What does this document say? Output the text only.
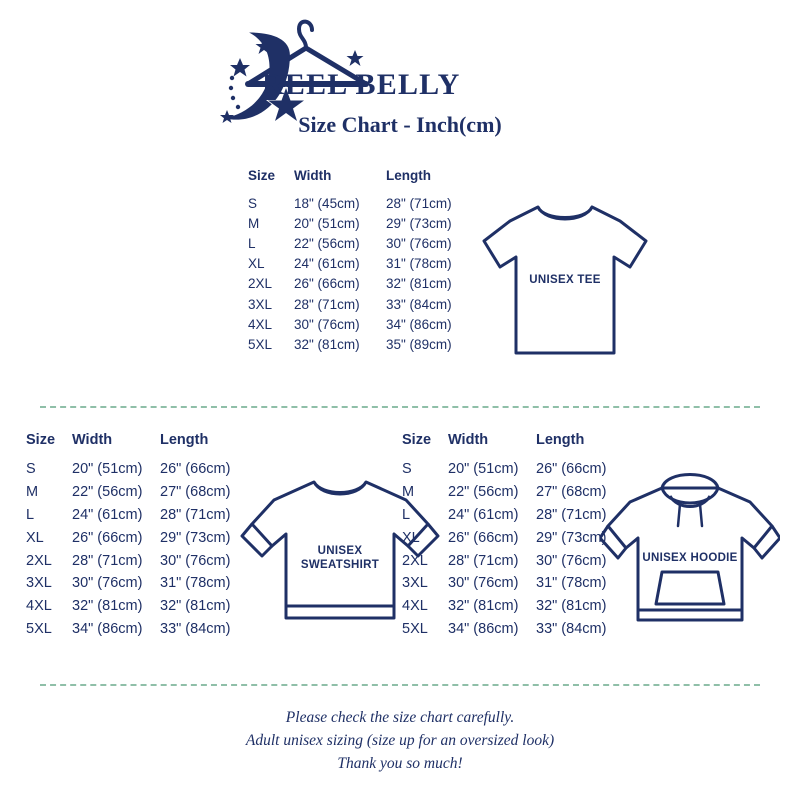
REEL BELLY
Size Chart - Inch(cm)
Size	Width	Length
S	18" (45cm)	28" (71cm)
M	20" (51cm)	29" (73cm)
L	22" (56cm)	30" (76cm)
XL	24" (61cm)	31" (78cm)
2XL	26" (66cm)	32" (81cm)
3XL	28" (71cm)	33" (84cm)
4XL	30" (76cm)	34" (86cm)
5XL	32" (81cm)	35" (89cm)
UNISEX TEE
Size	Width	Length
S	20" (51cm)	26" (66cm)
M	22" (56cm)	27" (68cm)
L	24" (61cm)	28" (71cm)
XL	26" (66cm)	29" (73cm)
2XL	28" (71cm)	30" (76cm)
3XL	30" (76cm)	31" (78cm)
4XL	32" (81cm)	32" (81cm)
5XL	34" (86cm)	33" (84cm)
UNISEX
SWEATSHIRT
Size	Width	Length
S	20" (51cm)	26" (66cm)
M	22" (56cm)	27" (68cm)
L	24" (61cm)	28" (71cm)
XL	26" (66cm)	29" (73cm)
2XL	28" (71cm)	30" (76cm)
3XL	30" (76cm)	31" (78cm)
4XL	32" (81cm)	32" (81cm)
5XL	34" (86cm)	33" (84cm)
UNISEX HOODIE
Please check the size chart carefully.
Adult unisex sizing (size up for an oversized look)
Thank you so much!
